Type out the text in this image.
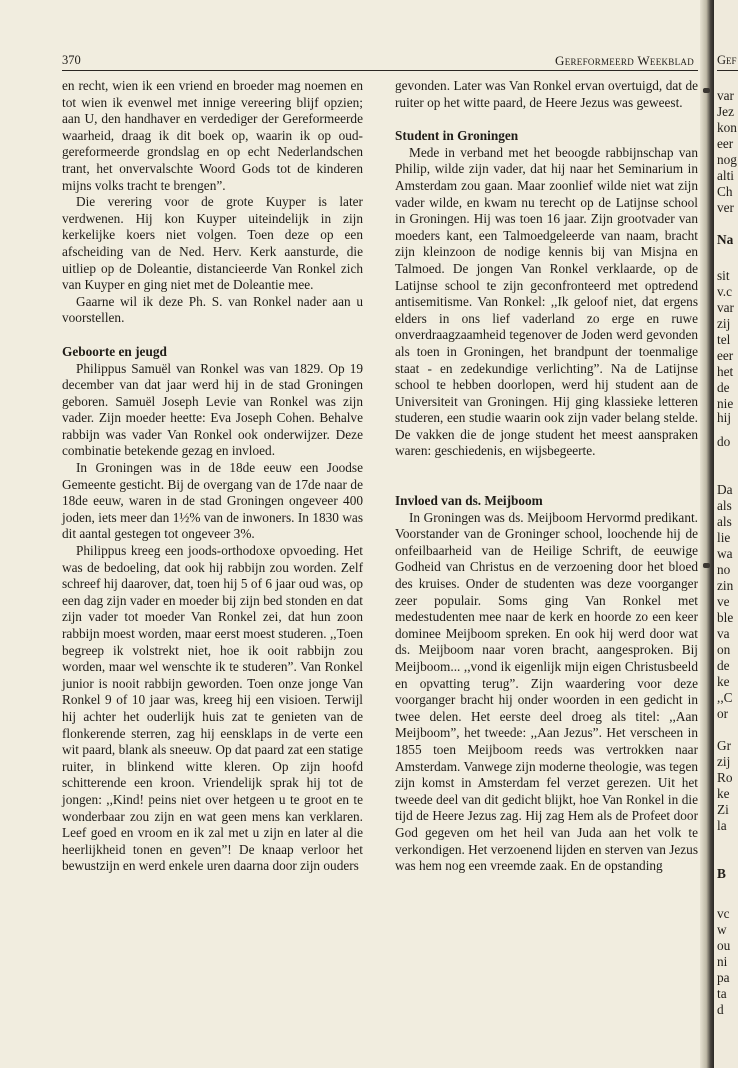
370	Gereformeerd Weekblad

en recht, wien ik een vriend en broeder mag noemen en tot wien ik evenwel met innige vereering blijf opzien; aan U, den handhaver en verdediger der Gereformeerde waarheid, draag ik dit boek op, waarin ik op oud-gereformeerde grondslag en op echt Nederlandschen trant, het onvervalschte Woord Gods tot de kinderen mijns volks tracht te brengen”.

Die verering voor de grote Kuyper is later verdwenen. Hij kon Kuyper uiteindelijk in zijn kerkelijke koers niet volgen. Toen deze op een afscheiding van de Ned. Herv. Kerk aansturde, die uitliep op de Doleantie, distancieerde Van Ronkel zich van Kuyper en ging niet met de Doleantie mee.

Gaarne wil ik deze Ph. S. van Ronkel nader aan u voorstellen.

Geboorte en jeugd

Philippus Samuël van Ronkel was van 1829. Op 19 december van dat jaar werd hij in de stad Groningen geboren. Samuël Joseph Levie van Ronkel was zijn vader. Zijn moeder heette: Eva Joseph Cohen. Behalve rabbijn was vader Van Ronkel ook onderwijzer. Deze combinatie betekende gezag en invloed.

In Groningen was in de 18de eeuw een Joodse Gemeente gesticht. Bij de overgang van de 17de naar de 18de eeuw, waren in de stad Groningen ongeveer 400 joden, iets meer dan 1½% van de inwoners. In 1830 was dit aantal gestegen tot ongeveer 3%.

Philippus kreeg een joods-orthodoxe opvoeding. Het was de bedoeling, dat ook hij rabbijn zou worden. Zelf schreef hij daarover, dat, toen hij 5 of 6 jaar oud was, op een dag zijn vader en moeder bij zijn bed stonden en dat zijn vader tot moeder Van Ronkel zei, dat hun zoon rabbijn moest worden, maar eerst moest studeren. ,,Toen begreep ik volstrekt niet, hoe ik ooit rabbijn zou worden, maar wel wenschte ik te studeren”. Van Ronkel junior is nooit rabbijn geworden. Toen onze jonge Van Ronkel 9 of 10 jaar was, kreeg hij een visioen. Terwijl hij achter het ouderlijk huis zat te genieten van de flonkerende sterren, zag hij eensklaps in de verte een wit paard, blank als sneeuw. Op dat paard zat een statige ruiter, in blinkend witte kleren. Op zijn hoofd schitterende een kroon. Vriendelijk sprak hij tot de jongen: ,,Kind! peins niet over hetgeen u te groot en te wonderbaar zou zijn en wat geen mens kan verklaren. Leef goed en vroom en ik zal met u zijn en later al die heerlijkheid tonen en geven”! De knaap verloor het bewustzijn en werd enkele uren daarna door zijn ouders

gevonden. Later was Van Ronkel ervan overtuigd, dat de ruiter op het witte paard, de Heere Jezus was geweest.

Student in Groningen

Mede in verband met het beoogde rabbijnschap van Philip, wilde zijn vader, dat hij naar het Seminarium in Amsterdam zou gaan. Maar zoonlief wilde niet wat zijn vader wilde, en kwam nu terecht op de Latijnse school in Groningen. Hij was toen 16 jaar. Zijn grootvader van moeders kant, een Talmoedgeleerde van naam, bracht zijn kleinzoon de nodige kennis bij van Misjna en Talmoed. De jongen Van Ronkel verklaarde, op de Latijnse school te zijn geconfronteerd met optredend antisemitisme. Van Ronkel: ,,Ik geloof niet, dat ergens elders in ons lief vaderland zo erge en ruwe onverdraagzaamheid tegenover de Joden werd gevonden als toen in Groningen, het brandpunt der toenmalige staat - en zedekundige verlichting”. Na de Latijnse school te hebben doorlopen, werd hij student aan de Universiteit van Groningen. Hij ging klassieke letteren studeren, een studie waarin ook zijn vader belang stelde. De vakken die de jonge student het meest aanspraken waren: geschiedenis, en wijsbegeerte.

Invloed van ds. Meijboom

In Groningen was ds. Meijboom Hervormd predikant. Voorstander van de Groninger school, loochende hij de onfeilbaarheid van de Heilige Schrift, de eeuwige Godheid van Christus en de verzoening door het bloed des kruises. Onder de studenten was deze voorganger zeer populair. Soms ging Van Ronkel met medestudenten mee naar de kerk en hoorde zo een keer dominee Meijboom spreken. En ook hij werd door wat ds. Meijboom naar voren bracht, aangesproken. Bij Meijboom... ,,vond ik eigenlijk mijn eigen Christusbeeld en opvatting terug”. Zijn waardering voor deze voorganger bracht hij onder woorden in een gedicht in twee delen. Het eerste deel droeg als titel: ,,Aan Meijboom”, het tweede: ,,Aan Jezus”. Het verscheen in 1855 toen Meijboom reeds was vertrokken naar Amsterdam. Vanwege zijn moderne theologie, was tegen zijn komst in Amsterdam fel verzet gerezen. Uit het tweede deel van dit gedicht blijkt, hoe Van Ronkel in die tijd de Heere Jezus zag. Hij zag Hem als de Profeet door God gegeven om het heil van Juda aan het volk te verkondigen. Het verzoenend lijden en sterven van Jezus was hem nog een vreemde zaak. En de opstanding

Gef
var
Jez
kon
eer
nog
alti
Ch
ver
Na
sit
v.c
var
zij
tel
eer
het
de
nie
hij
do
Da
als
als
lie
wa
no
zin
ve
ble
va
on
de
ke
,,C
or
Gr
zij
Ro
ke
Zi
la
B
vc
w
ou
ni
pa
ta
d
